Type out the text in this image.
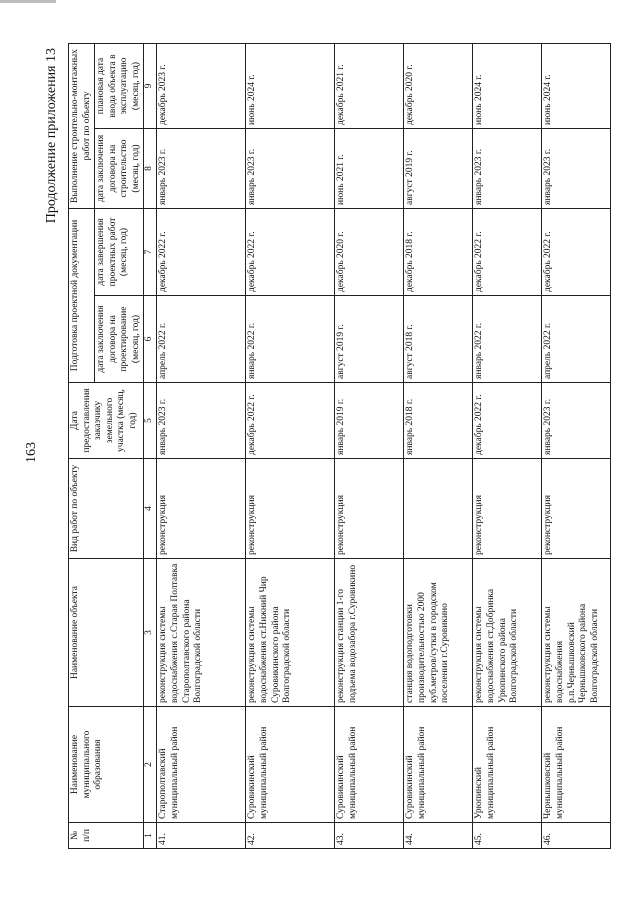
163
Продолжение приложения 13
№ п/п	Наименование муниципального образования	Наименование объекта	Вид работ по объекту	Дата предоставления заказчику земельного участка (месяц, год)	Подготовка проектной документации		Выполнение строительно-монтажных работ по объекту	
					дата заключения договора на проектирование (месяц, год)	дата завершения проектных работ (месяц, год)	дата заключения договора на строительство (месяц, год)	плановая дата ввода объекта в эксплуатацию (месяц, год)
1	2	3	4	5	6	7	8	9
41.	Старополтавский муниципальный район	реконструкция системы водоснабжения с.Старая Полтавка Старополтавского района Волгоградской области	реконструкция	январь 2023 г.	апрель 2022 г.	декабрь 2022 г.	январь 2023 г.	декабрь 2023 г.
42.	Суровикинский муниципальный район	реконструкция системы водоснабжения ст.Нижний Чир Суровикинского района Волгоградской области	реконструкция	декабрь 2022 г.	январь 2022 г.	декабрь 2022 г.	январь 2023 г.	июнь 2024 г.
43.	Суровикинский муниципальный район	реконструкция станции 1-го подъема водозабора г.Суровикино	реконструкция	январь 2019 г.	август 2019 г.	декабрь 2020 г.	июнь 2021 г.	декабрь 2021 г.
44.	Суровикинский муниципальный район	станция водоподготовки производительностью 2000 куб.метров/сутки в городском поселении г.Суровикино		январь 2018 г.	август 2018 г.	декабрь 2018 г.	август 2019 г.	декабрь 2020 г.
45.	Урюпинский муниципальный район	реконструкция системы водоснабжения ст.Добринка Урюпинского района Волгоградской области	реконструкция	декабрь 2022 г.	январь 2022 г.	декабрь 2022 г.	январь 2023 г.	июнь 2024 г.
46.	Чернышковский муниципальный район	реконструкция системы водоснабжения р.п.Чернышковский Чернышковского района Волгоградской области	реконструкция	январь 2023 г.	апрель 2022 г.	декабрь 2022 г.	январь 2023 г.	июнь 2024 г.
